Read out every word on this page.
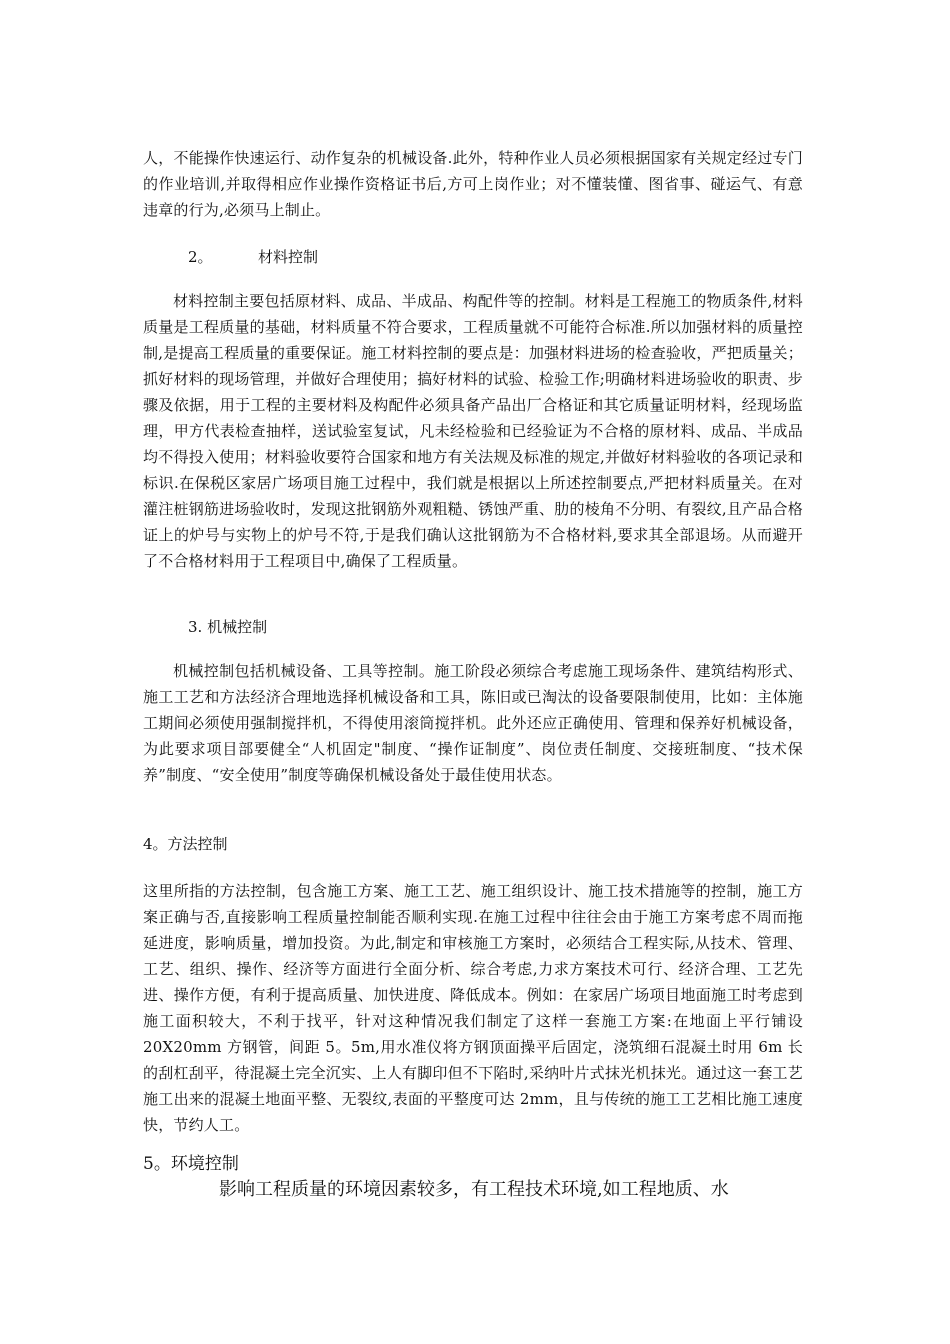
人，不能操作快速运行、动作复杂的机械设备.此外，特种作业人员必须根据国家有关规定经过专门的作业培训,并取得相应作业操作资格证书后,方可上岗作业；对不懂装懂、图省事、碰运气、有意违章的行为,必须马上制止。

2。	材料控制

材料控制主要包括原材料、成品、半成品、构配件等的控制。材料是工程施工的物质条件,材料质量是工程质量的基础，材料质量不符合要求，工程质量就不可能符合标准.所以加强材料的质量控制,是提高工程质量的重要保证。施工材料控制的要点是：加强材料进场的检查验收，严把质量关；抓好材料的现场管理，并做好合理使用；搞好材料的试验、检验工作;明确材料进场验收的职责、步骤及依据，用于工程的主要材料及构配件必须具备产品出厂合格证和其它质量证明材料，经现场监理，甲方代表检查抽样，送试验室复试，凡未经检验和已经验证为不合格的原材料、成品、半成品均不得投入使用；材料验收要符合国家和地方有关法规及标准的规定,并做好材料验收的各项记录和标识.在保税区家居广场项目施工过程中，我们就是根据以上所述控制要点,严把材料质量关。在对灌注桩钢筋进场验收时，发现这批钢筋外观粗糙、锈蚀严重、肋的棱角不分明、有裂纹,且产品合格证上的炉号与实物上的炉号不符,于是我们确认这批钢筋为不合格材料,要求其全部退场。从而避开了不合格材料用于工程项目中,确保了工程质量。

3. 机械控制

机械控制包括机械设备、工具等控制。施工阶段必须综合考虑施工现场条件、建筑结构形式、施工工艺和方法经济合理地选择机械设备和工具，陈旧或已淘汰的设备要限制使用，比如：主体施工期间必须使用强制搅拌机，不得使用滚筒搅拌机。此外还应正确使用、管理和保养好机械设备，为此要求项目部要健全“人机固定"制度、“操作证制度”、岗位责任制度、交接班制度、“技术保养”制度、“安全使用”制度等确保机械设备处于最佳使用状态。

4。方法控制

这里所指的方法控制，包含施工方案、施工工艺、施工组织设计、施工技术措施等的控制，施工方案正确与否,直接影响工程质量控制能否顺利实现.在施工过程中往往会由于施工方案考虑不周而拖延进度，影响质量，增加投资。为此,制定和审核施工方案时，必须结合工程实际,从技术、管理、工艺、组织、操作、经济等方面进行全面分析、综合考虑,力求方案技术可行、经济合理、工艺先进、操作方便，有利于提高质量、加快进度、降低成本。例如：在家居广场项目地面施工时考虑到施工面积较大，不利于找平，针对这种情况我们制定了这样一套施工方案:在地面上平行铺设 20X20mm 方钢管，间距 5。5m,用水准仪将方钢顶面操平后固定，浇筑细石混凝土时用 6m 长的刮杠刮平，待混凝土完全沉实、上人有脚印但不下陷时,采纳叶片式抹光机抹光。通过这一套工艺施工出来的混凝土地面平整、无裂纹,表面的平整度可达 2mm，且与传统的施工工艺相比施工速度快，节约人工。

5。环境控制

影响工程质量的环境因素较多，有工程技术环境,如工程地质、水
